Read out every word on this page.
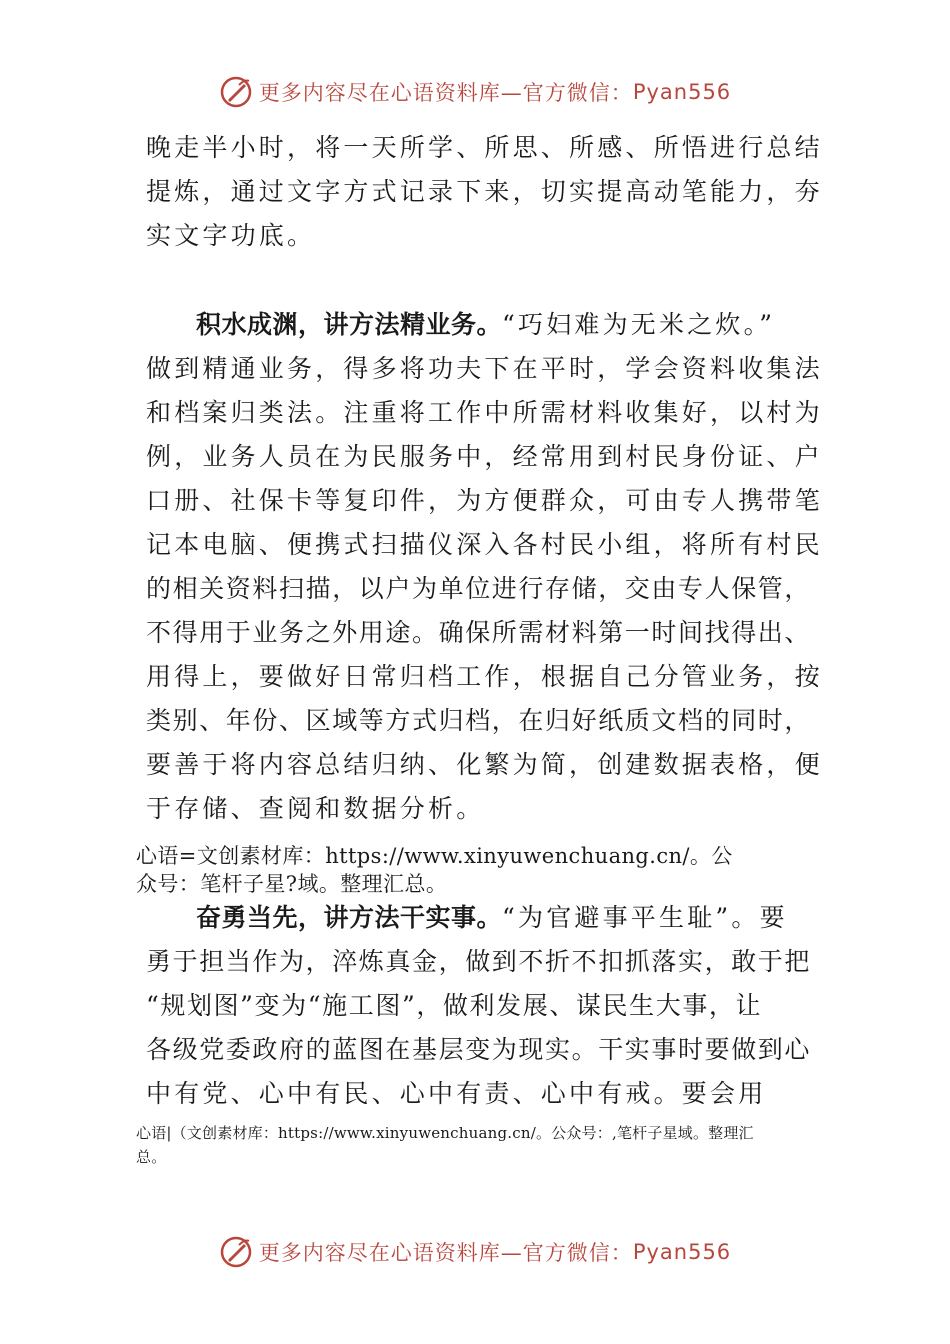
更多内容尽在心语资料库—官方微信： Pyan556
晚走半小时，将一天所学、所思、所感、所悟进行总结
提炼，通过文字方式记录下来，切实提高动笔能力，夯
实文字功底。
积水成渊，讲方法精业务。“巧妇难为无米之炊。”
做到精通业务，得多将功夫下在平时，学会资料收集法
和档案归类法。注重将工作中所需材料收集好，以村为
例，业务人员在为民服务中，经常用到村民身份证、户
口册、社保卡等复印件，为方便群众，可由专人携带笔
记本电脑、便携式扫描仪深入各村民小组，将所有村民
的相关资料扫描，以户为单位进行存储，交由专人保管，
不得用于业务之外用途。确保所需材料第一时间找得出、
用得上，要做好日常归档工作，根据自己分管业务，按
类别、年份、区域等方式归档，在归好纸质文档的同时，
要善于将内容总结归纳、化繁为简，创建数据表格，便
于存储、查阅和数据分析。
心语=文创素材库：https://www.xinyuwenchuang.cn/。公
众号：笔杆子星?域。整理汇总。
奋勇当先，讲方法干实事。“为官避事平生耻”。要
勇于担当作为，淬炼真金，做到不折不扣抓落实，敢于把
“规划图”变为“施工图”，做利发展、谋民生大事，让
各级党委政府的蓝图在基层变为现实。干实事时要做到心
中有党、心中有民、心中有责、心中有戒。要会用
心语|（文创素材库：https://www.xinyuwenchuang.cn/。公众号：,笔杆子星域。整理汇
总。
更多内容尽在心语资料库—官方微信： Pyan556
